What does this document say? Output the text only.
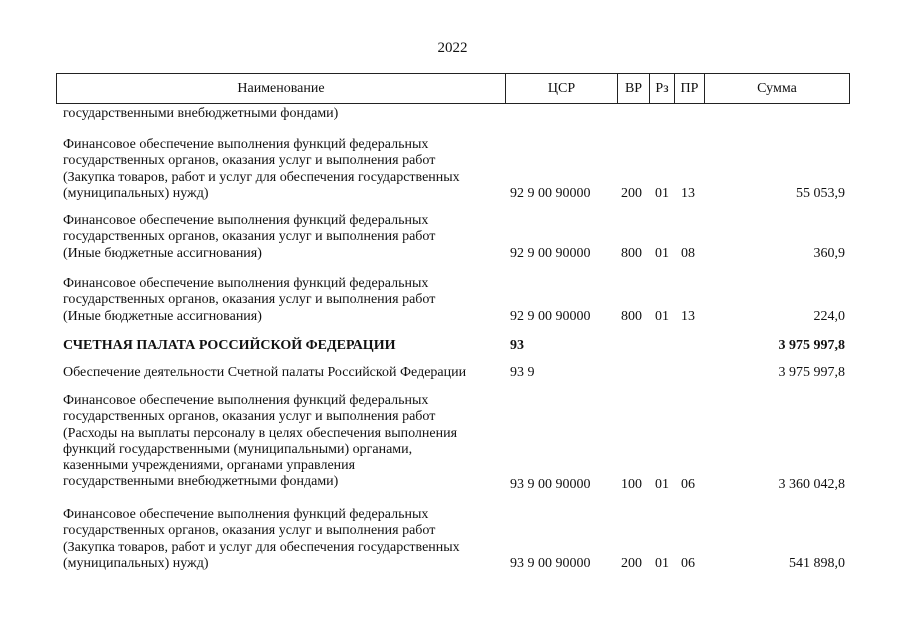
2022
Наименование	ЦСР	ВР Рз ПР	Сумма
государственными внебюджетными фондами)
Финансовое обеспечение выполнения функций федеральных
государственных органов, оказания услуг и выполнения работ
(Закупка товаров, работ и услуг для обеспечения государственных
(муниципальных) нужд)	92 9 00 90000 200 01 13	55 053,9
Финансовое обеспечение выполнения функций федеральных
государственных органов, оказания услуг и выполнения работ
(Иные бюджетные ассигнования)	92 9 00 90000 800 01 08	360,9
Финансовое обеспечение выполнения функций федеральных
государственных органов, оказания услуг и выполнения работ
(Иные бюджетные ассигнования)	92 9 00 90000 800 01 13	224,0
СЧЕТНАЯ ПАЛАТА РОССИЙСКОЙ ФЕДЕРАЦИИ	93	3 975 997,8
Обеспечение деятельности Счетной палаты Российской Федерации	93 9	3 975 997,8
Финансовое обеспечение выполнения функций федеральных
государственных органов, оказания услуг и выполнения работ
(Расходы на выплаты персоналу в целях обеспечения выполнения
функций государственными (муниципальными) органами,
казенными учреждениями, органами управления
государственными внебюджетными фондами)	93 9 00 90000 100 01 06	3 360 042,8
Финансовое обеспечение выполнения функций федеральных
государственных органов, оказания услуг и выполнения работ
(Закупка товаров, работ и услуг для обеспечения государственных
(муниципальных) нужд)	93 9 00 90000 200 01 06	541 898,0
